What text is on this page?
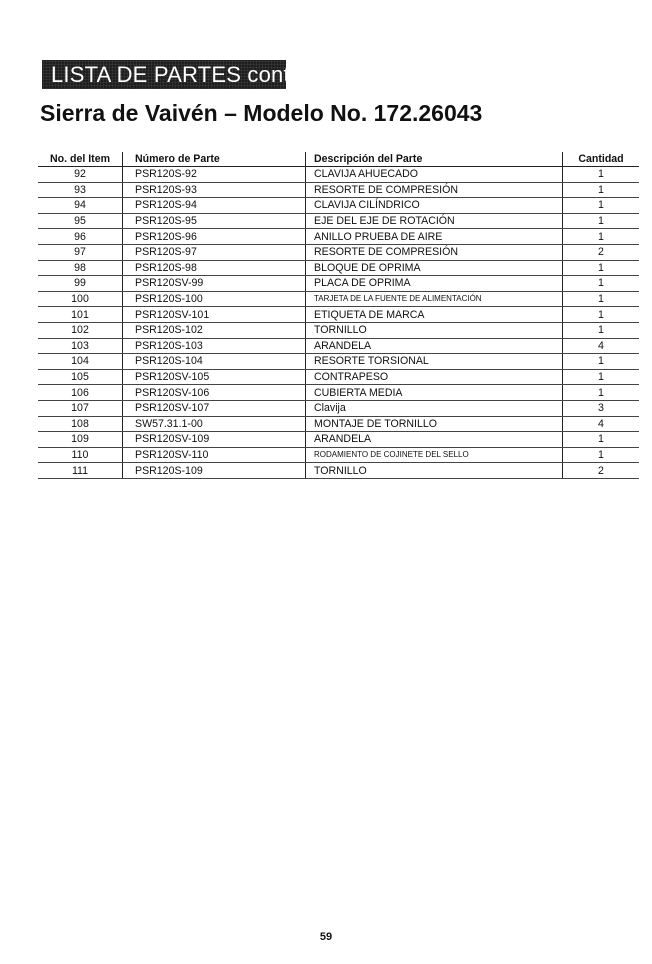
LISTA DE PARTES cont.
Sierra de Vaivén – Modelo No. 172.26043
No. del Item	Número de Parte	Descripción del Parte	Cantidad
92	PSR120S-92	CLAVIJA AHUECADO	1
93	PSR120S-93	RESORTE DE COMPRESIÓN	1
94	PSR120S-94	CLAVIJA CILÍNDRICO	1
95	PSR120S-95	EJE DEL EJE DE ROTACIÓN	1
96	PSR120S-96	ANILLO PRUEBA DE AIRE	1
97	PSR120S-97	RESORTE DE COMPRESIÓN	2
98	PSR120S-98	BLOQUE DE OPRIMA	1
99	PSR120SV-99	PLACA DE OPRIMA	1
100	PSR120S-100	TARJETA DE LA FUENTE DE ALIMENTACIÓN	1
101	PSR120SV-101	ETIQUETA DE MARCA	1
102	PSR120S-102	TORNILLO	1
103	PSR120S-103	ARANDELA	4
104	PSR120S-104	RESORTE TORSIONAL	1
105	PSR120SV-105	CONTRAPESO	1
106	PSR120SV-106	CUBIERTA MEDIA	1
107	PSR120SV-107	Clavija	3
108	SW57.31.1-00	MONTAJE DE TORNILLO	4
109	PSR120SV-109	ARANDELA	1
110	PSR120SV-110	RODAMIENTO DE COJINETE DEL SELLO	1
111	PSR120S-109	TORNILLO	2
59
